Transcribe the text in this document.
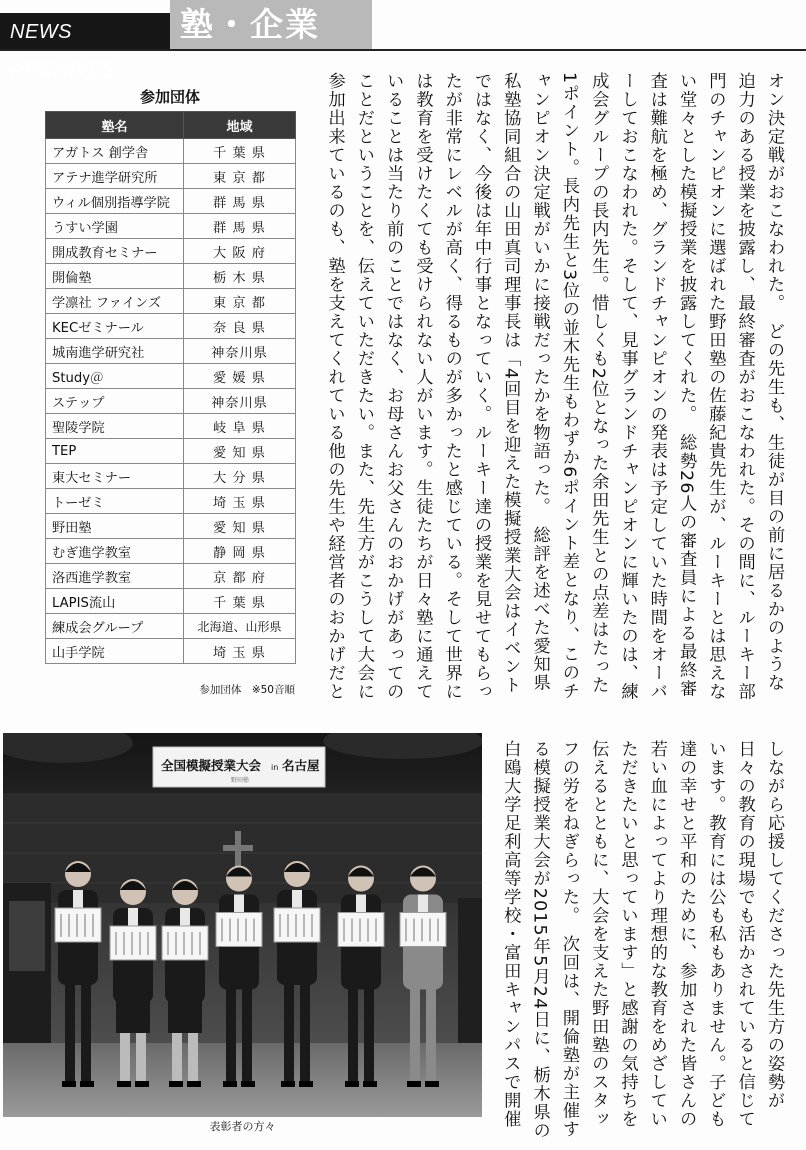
NEWS ARCHIVES
塾・企業
参加団体
塾名	地域
アガトス 創学舎	千 葉 県
アテナ進学研究所	東 京 都
ウィル個別指導学院	群 馬 県
うすい学園	群 馬 県
開成教育セミナー	大 阪 府
開倫塾	栃 木 県
学凛社 ファインズ	東 京 都
KECゼミナール	奈 良 県
城南進学研究社	神奈川県
Study＠	愛 媛 県
ステップ	神奈川県
聖陵学院	岐 阜 県
TEP	愛 知 県
東大セミナー	大 分 県
トーゼミ	埼 玉 県
野田塾	愛 知 県
むぎ進学教室	静 岡 県
洛西進学教室	京 都 府
LAPIS流山	千 葉 県
練成会グループ	北海道、山形県
山手学院	埼 玉 県
参加団体　※50音順
オン決定戦がおこなわれた。　どの先生も、生徒が目の前に居るかのような迫力のある授業を披露し、最終審査がおこなわれた。その間に、ルーキー部門のチャンピオンに選ばれた野田塾の佐藤紀貴先生が、ルーキーとは思えない堂々とした模擬授業を披露してくれた。　総勢26人の審査員による最終審査は難航を極め、グランドチャンピオンの発表は予定していた時間をオーバーしておこなわれた。そして、見事グランドチャンピオンに輝いたのは、練成会グループの長内先生。惜しくも2位となった余田先生との点差はたった1ポイント。長内先生と3位の並木先生もわずか6ポイント差となり、このチャンピオン決定戦がいかに接戦だったかを物語った。　総評を述べた愛知県私塾協同組合の山田真司理事長は「4回目を迎えた模擬授業大会はイベントではなく、今後は年中行事となっていく。ルーキー達の授業を見せてもらったが非常にレベルが高く、得るものが多かったと感じている。そして世界には教育を受けたくても受けられない人がいます。生徒たちが日々塾に通えていることは当たり前のことではなく、お母さんお父さんのおかげがあってのことだということを、伝えていただきたい。また、先生方がこうして大会に参加出来ているのも、塾を支えてくれている他の先生や経営者のおかげだと　
しながら応援してくださった先生方の姿勢が日々の教育の現場でも活かされていると信じています。教育には公も私もありません。子ども達の幸せと平和のために、参加された皆さんの若い血によってより理想的な教育をめざしていただきたいと思っています」と感謝の気持ちを伝えるとともに、大会を支えた野田塾のスタッフの労をねぎらった。　次回は、開倫塾が主催する模擬授業大会が2015年5月24日に、栃木県の白鴎大学足利高等学校・富田キャンパスで開催
全国模擬授業大会 in 名古屋
野田塾
表彰者の方々
